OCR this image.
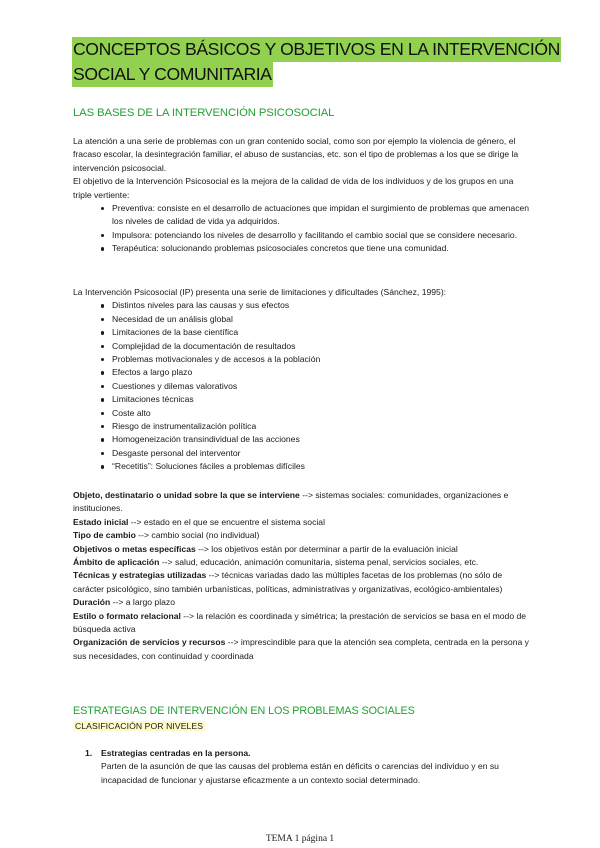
CONCEPTOS BÁSICOS Y OBJETIVOS EN LA INTERVENCIÓN
SOCIAL Y COMUNITARIA
LAS BASES DE LA INTERVENCIÓN PSICOSOCIAL

La atención a una serie de problemas con un gran contenido social, como son por ejemplo la violencia de género, el fracaso escolar, la desintegración familiar, el abuso de sustancias, etc. son el tipo de problemas a los que se dirige la intervención psicosocial.

El objetivo de la Intervención Psicosocial es la mejora de la calidad de vida de los individuos y de los grupos en una triple vertiente:

Preventiva: consiste en el desarrollo de actuaciones que impidan el surgimiento de problemas que amenacen los niveles de calidad de vida ya adquiridos.
Impulsora: potenciando los niveles de desarrollo y facilitando el cambio social que se considere necesario.
Terapéutica: solucionando problemas psicosociales concretos que tiene una comunidad.

La Intervención Psicosocial (IP) presenta una serie de limitaciones y dificultades (Sánchez, 1995):

Distintos niveles para las causas y sus efectos
Necesidad de un análisis global
Limitaciones de la base científica
Complejidad de la documentación de resultados
Problemas motivacionales y de accesos a la población
Efectos a largo plazo
Cuestiones y dilemas valorativos
Limitaciones técnicas
Coste alto
Riesgo de instrumentalización política
Homogeneización transindividual de las acciones
Desgaste personal del interventor
“Recetitis”: Soluciones fáciles a problemas difíciles

Objeto, destinatario o unidad sobre la que se interviene --> sistemas sociales: comunidades, organizaciones e instituciones.

Estado inicial --> estado en el que se encuentre el sistema social

Tipo de cambio --> cambio social (no individual)

Objetivos o metas específicas --> los objetivos están por determinar a partir de la evaluación inicial

Ámbito de aplicación --> salud, educación, animación comunitaria, sistema penal, servicios sociales, etc.

Técnicas y estrategias utilizadas --> técnicas variadas dado las múltiples facetas de los problemas (no sólo de carácter psicológico, sino también urbanísticas, políticas, administrativas y organizativas, ecológico-ambientales)

Duración --> a largo plazo

Estilo o formato relacional --> la relación es coordinada y simétrica; la prestación de servicios se basa en el modo de búsqueda activa

Organización de servicios y recursos --> imprescindible para que la atención sea completa, centrada en la persona y sus necesidades, con continuidad y coordinada

ESTRATEGIAS DE INTERVENCIÓN EN LOS PROBLEMAS SOCIALES
CLASIFICACIÓN POR NIVELES
1.	Estrategias centradas en la persona.

Parten de la asunción de que las causas del problema están en déficits o carencias del individuo y en su incapacidad de funcionar y ajustarse eficazmente a un contexto social determinado.

TEMA 1 página 1
